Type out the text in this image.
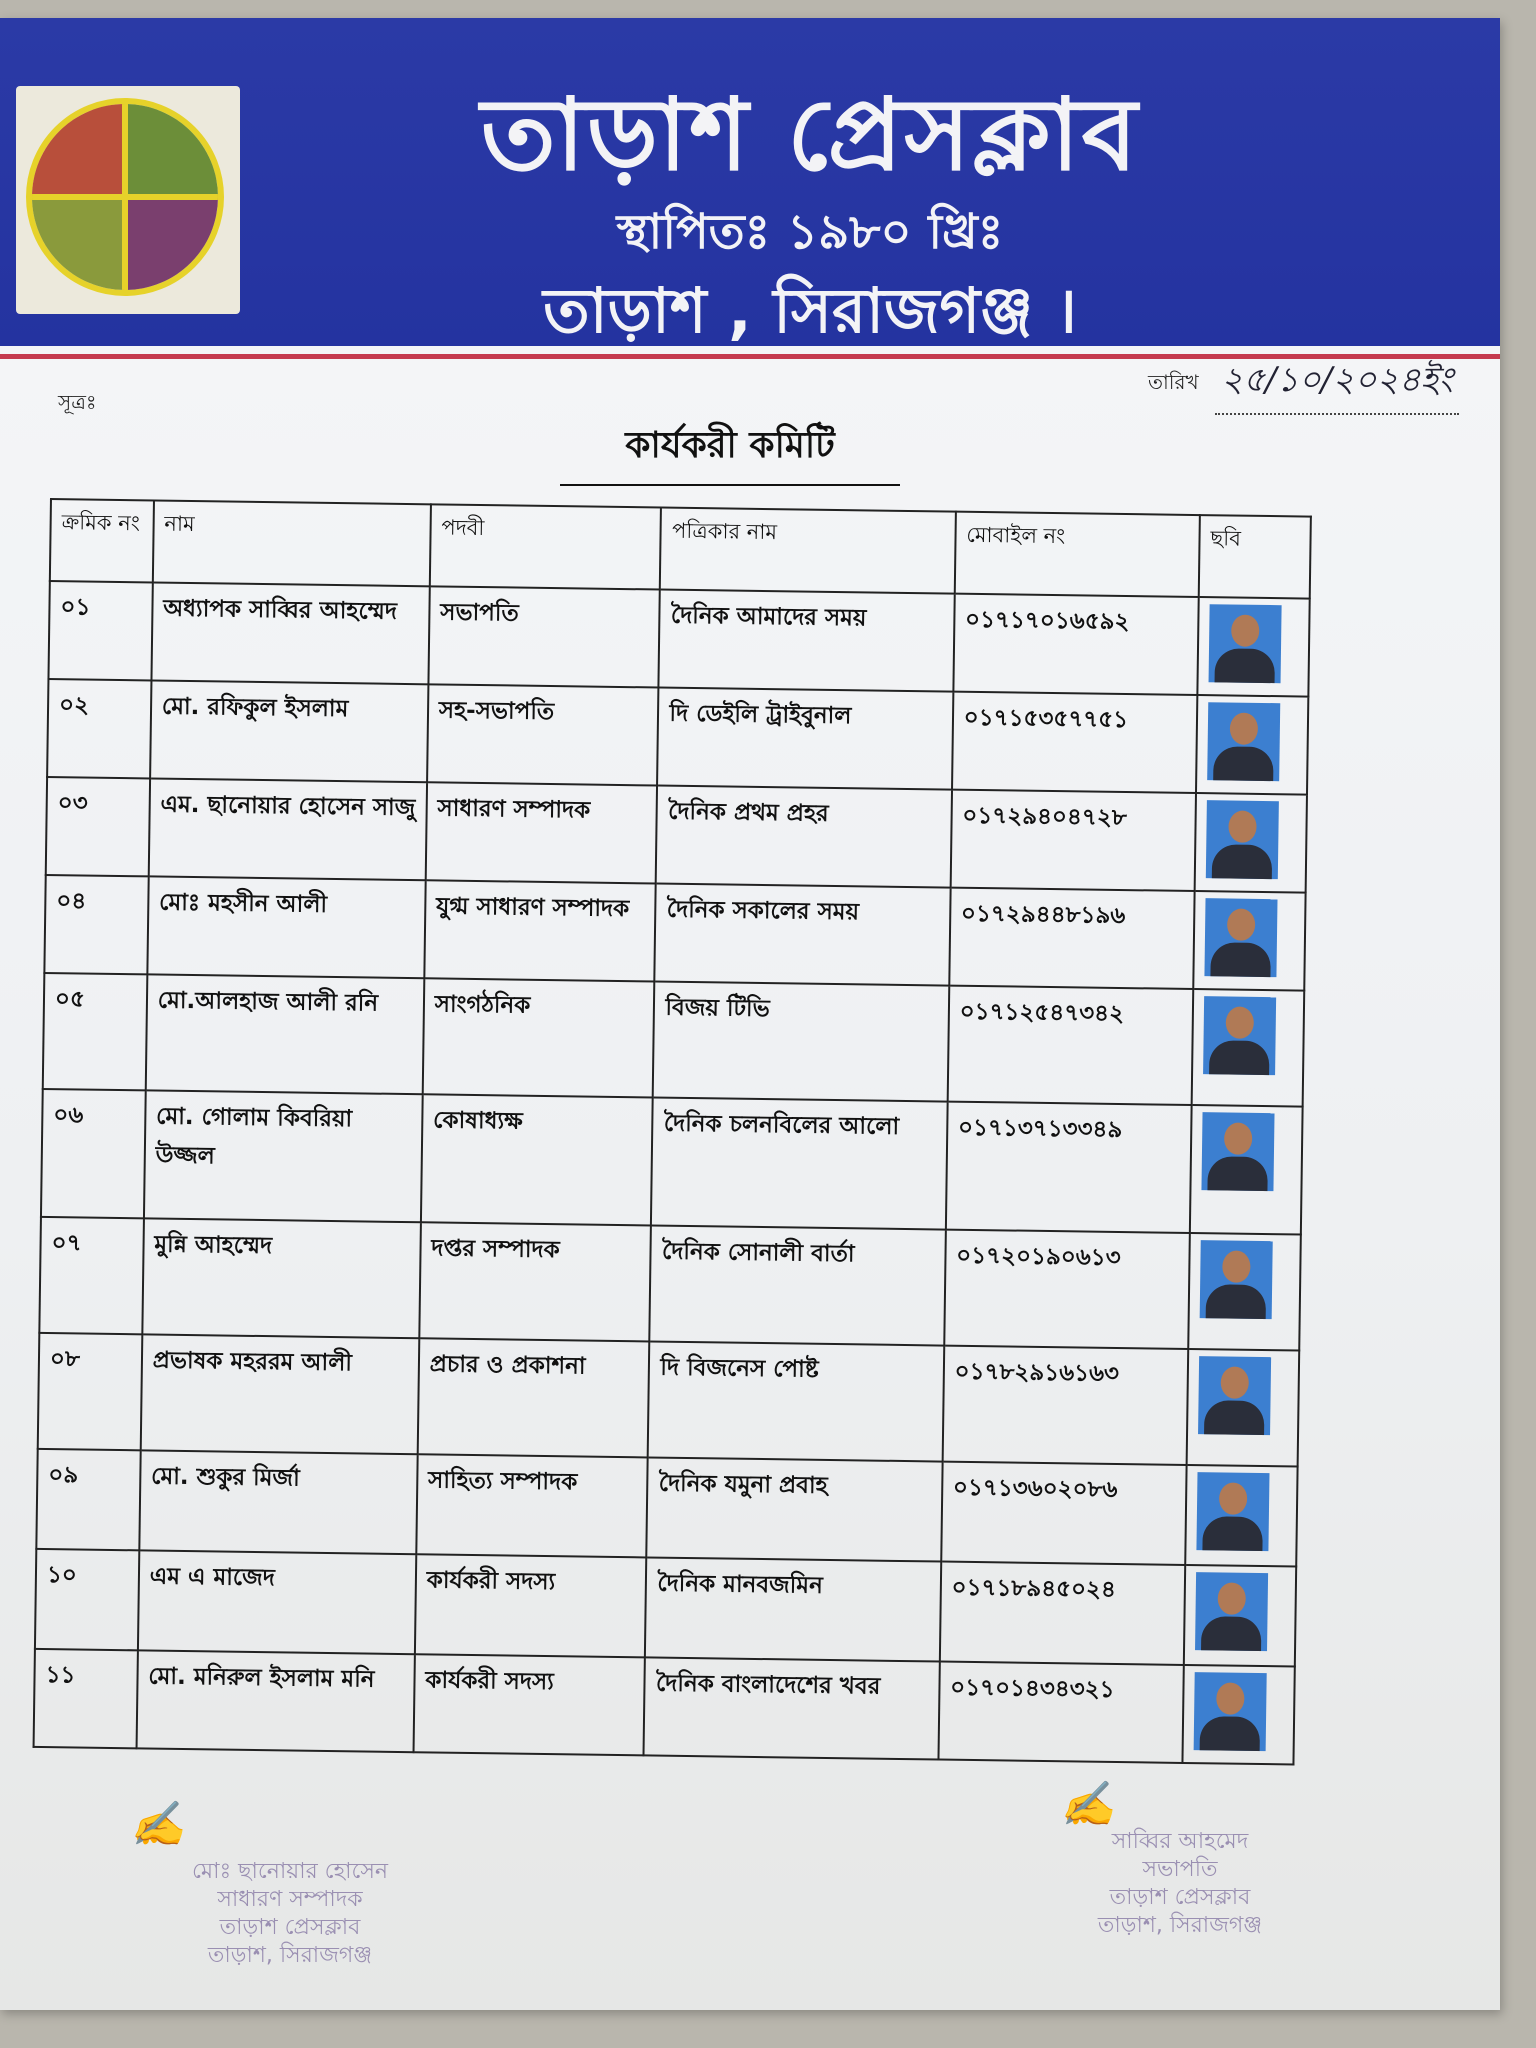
তাড়াশ প্রেসক্লাব
স্থাপিতঃ ১৯৮০ খ্রিঃ
তাড়াশ , সিরাজগঞ্জ ।
সূত্রঃ
তারিখ ২৫/১০/২০২৪ইং
কার্যকরী কমিটি
ক্রমিক নং	নাম	পদবী	পত্রিকার নাম	মোবাইল নং	ছবি
০১	অধ্যাপক সাব্বির আহম্মেদ	সভাপতি	দৈনিক আমাদের সময়	০১৭১৭০১৬৫৯২	

০২	মো. রফিকুল ইসলাম	সহ-সভাপতি	দি ডেইলি ট্রাইবুনাল	০১৭১৫৩৫৭৭৫১	

০৩	এম. ছানোয়ার হোসেন সাজু	সাধারণ সম্পাদক	দৈনিক প্রথম প্রহর	০১৭২৯৪০৪৭২৮	

০৪	মোঃ মহসীন আলী	যুগ্ম সাধারণ সম্পাদক	দৈনিক সকালের সময়	০১৭২৯৪৪৮১৯৬	

০৫	মো.আলহাজ আলী রনি	সাংগঠনিক	বিজয় টিভি	০১৭১২৫৪৭৩৪২	

০৬	মো. গোলাম কিবরিয়া উজ্জল	কোষাধ্যক্ষ	দৈনিক চলনবিলের আলো	০১৭১৩৭১৩৩৪৯	

০৭	মুন্নি আহম্মেদ	দপ্তর সম্পাদক	দৈনিক সোনালী বার্তা	০১৭২০১৯০৬১৩	

০৮	প্রভাষক মহররম আলী	প্রচার ও প্রকাশনা	দি বিজনেস পোষ্ট	০১৭৮২৯১৬১৬৩	

০৯	মো. শুকুর মির্জা	সাহিত্য সম্পাদক	দৈনিক যমুনা প্রবাহ	০১৭১৩৬০২০৮৬	

১০	এম এ মাজেদ	কার্যকরী সদস্য	দৈনিক মানবজমিন	০১৭১৮৯৪৫০২৪	

১১	মো. মনিরুল ইসলাম মনি	কার্যকরী সদস্য	দৈনিক বাংলাদেশের খবর	০১৭০১৪৩৪৩২১	
✍
মোঃ ছানোয়ার হোসেন
সাধারণ সম্পাদক
তাড়াশ প্রেসক্লাব
তাড়াশ, সিরাজগঞ্জ
✍
সাব্বির আহমেদ
সভাপতি
তাড়াশ প্রেসক্লাব
তাড়াশ, সিরাজগঞ্জ
